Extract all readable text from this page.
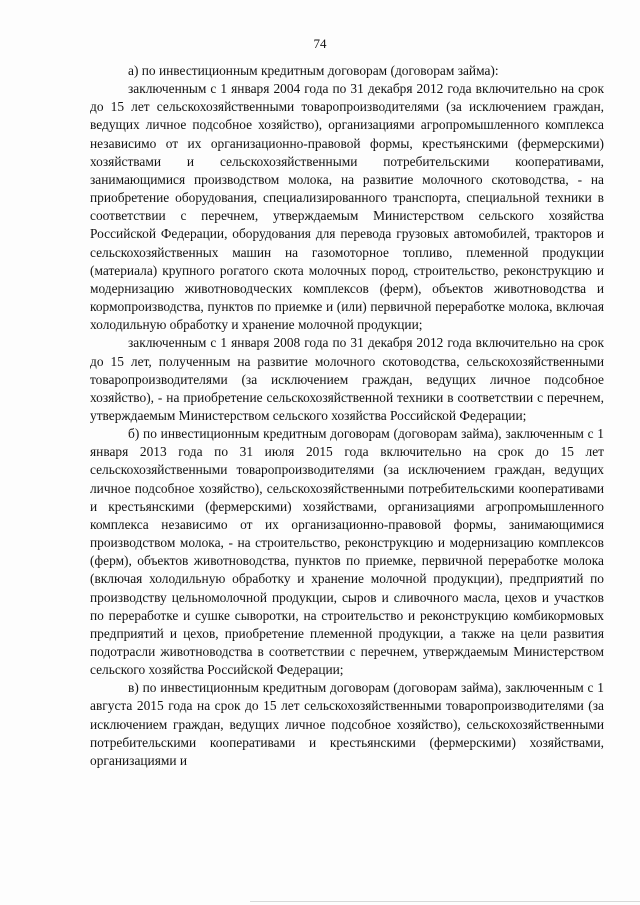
74

а) по инвестиционным кредитным договорам (договорам займа):

заключенным с 1 января 2004 года по 31 декабря 2012 года включительно на срок до 15 лет сельскохозяйственными товаропроизводителями (за исключением граждан, ведущих личное подсобное хозяйство), организациями агропромышленного комплекса независимо от их организационно-правовой формы, крестьянскими (фермерскими) хозяйствами и сельскохозяйственными потребительскими кооперативами, занимающимися производством молока, на развитие молочного скотоводства, - на приобретение оборудования, специализированного транспорта, специальной техники в соответствии с перечнем, утверждаемым Министерством сельского хозяйства Российской Федерации, оборудования для перевода грузовых автомобилей, тракторов и сельскохозяйственных машин на газомоторное топливо, племенной продукции (материала) крупного рогатого скота молочных пород, строительство, реконструкцию и модернизацию животноводческих комплексов (ферм), объектов животноводства и кормопроизводства, пунктов по приемке и (или) первичной переработке молока, включая холодильную обработку и хранение молочной продукции;

заключенным с 1 января 2008 года по 31 декабря 2012 года включительно на срок до 15 лет, полученным на развитие молочного скотоводства, сельскохозяйственными товаропроизводителями (за исключением граждан, ведущих личное подсобное хозяйство), - на приобретение сельскохозяйственной техники в соответствии с перечнем, утверждаемым Министерством сельского хозяйства Российской Федерации;

б) по инвестиционным кредитным договорам (договорам займа), заключенным с 1 января 2013 года по 31 июля 2015 года включительно на срок до 15 лет сельскохозяйственными товаропроизводителями (за исключением граждан, ведущих личное подсобное хозяйство), сельскохозяйственными потребительскими кооперативами и крестьянскими (фермерскими) хозяйствами, организациями агропромышленного комплекса независимо от их организационно-правовой формы, занимающимися производством молока, - на строительство, реконструкцию и модернизацию комплексов (ферм), объектов животноводства, пунктов по приемке, первичной переработке молока (включая холодильную обработку и хранение молочной продукции), предприятий по производству цельномолочной продукции, сыров и сливочного масла, цехов и участков по переработке и сушке сыворотки, на строительство и реконструкцию комбикормовых предприятий и цехов, приобретение племенной продукции, а также на цели развития подотрасли животноводства в соответствии с перечнем, утверждаемым Министерством сельского хозяйства Российской Федерации;

в) по инвестиционным кредитным договорам (договорам займа), заключенным с 1 августа 2015 года на срок до 15 лет сельскохозяйственными товаропроизводителями (за исключением граждан, ведущих личное подсобное хозяйство), сельскохозяйственными потребительскими кооперативами и крестьянскими (фермерскими) хозяйствами, организациями и
